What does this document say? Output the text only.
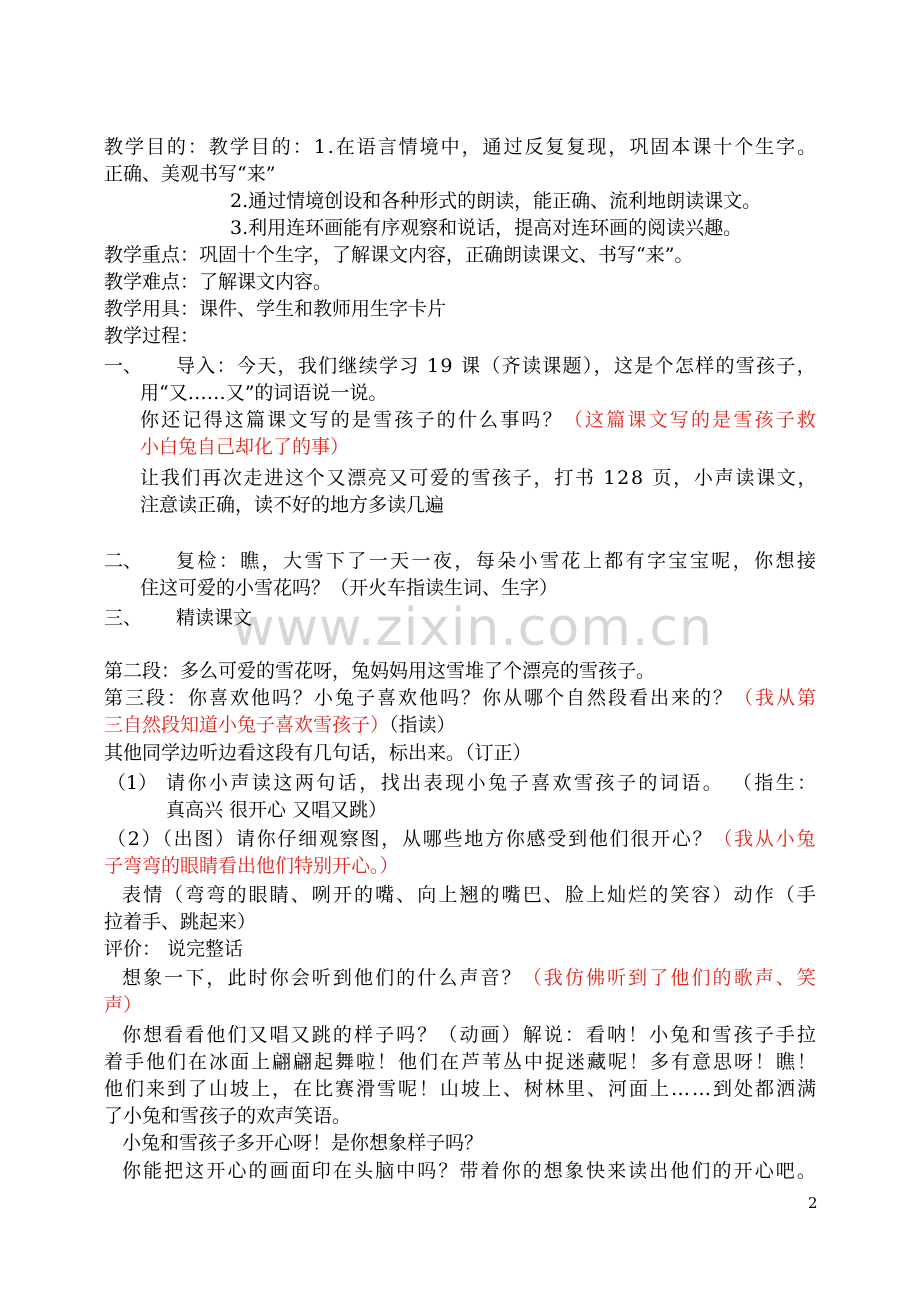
www.zixin.com.cn
教学目的：教学目的：1.在语言情境中，通过反复复现，巩固本课十个生字。
正确、美观书写“来”
2.通过情境创设和各种形式的朗读，能正确、流利地朗读课文。
3.利用连环画能有序观察和说话，提高对连环画的阅读兴趣。
教学重点：巩固十个生字，了解课文内容，正确朗读课文、书写“来”。
教学难点：了解课文内容。
教学用具：课件、学生和教师用生字卡片
教学过程：
一、 导入：今天，我们继续学习 19 课（齐读课题），这是个怎样的雪孩子，
用“又……又”的词语说一说。
你还记得这篇课文写的是雪孩子的什么事吗？（这篇课文写的是雪孩子救
小白兔自己却化了的事）
让我们再次走进这个又漂亮又可爱的雪孩子，打书 128 页，小声读课文，
注意读正确，读不好的地方多读几遍
二、 复检：瞧，大雪下了一天一夜，每朵小雪花上都有字宝宝呢，你想接
住这可爱的小雪花吗？（开火车指读生词、生字）
三、 精读课文
第二段：多么可爱的雪花呀，兔妈妈用这雪堆了个漂亮的雪孩子。
第三段：你喜欢他吗？小兔子喜欢他吗？你从哪个自然段看出来的？（我从第
三自然段知道小兔子喜欢雪孩子）（指读）
其他同学边听边看这段有几句话，标出来。（订正）
（1） 请你小声读这两句话，找出表现小兔子喜欢雪孩子的词语。 （指生：
真高兴 很开心 又唱又跳）
（2）（出图）请你仔细观察图，从哪些地方你感受到他们很开心？（我从小兔
子弯弯的眼睛看出他们特别开心。）
表情（弯弯的眼睛、咧开的嘴、向上翘的嘴巴、脸上灿烂的笑容）动作（手
拉着手、跳起来）
评价： 说完整话
想象一下，此时你会听到他们的什么声音？（我仿佛听到了他们的歌声、笑
声）
你想看看他们又唱又跳的样子吗？（动画）解说：看呐！小兔和雪孩子手拉
着手他们在冰面上翩翩起舞啦！他们在芦苇丛中捉迷藏呢！多有意思呀！瞧！
他们来到了山坡上，在比赛滑雪呢！山坡上、树林里、河面上……到处都洒满
了小兔和雪孩子的欢声笑语。
小兔和雪孩子多开心呀！是你想象样子吗？
你能把这开心的画面印在头脑中吗？带着你的想象快来读出他们的开心吧。
2
